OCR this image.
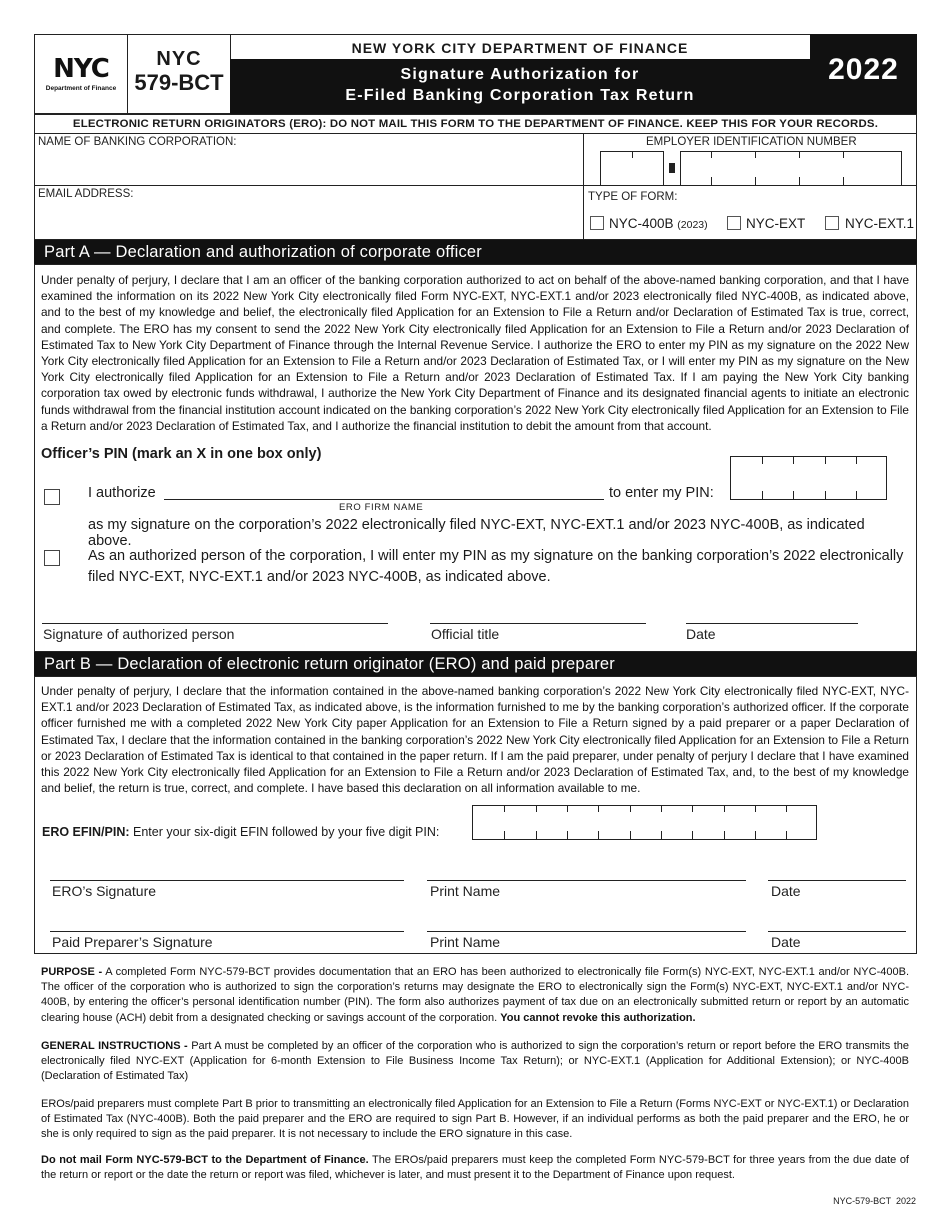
NYC
Department of Finance
NYC
579-BCT
NEW YORK CITY DEPARTMENT OF FINANCE
Signature Authorization for
E-Filed Banking Corporation Tax Return
2022
ELECTRONIC RETURN ORIGINATORS (ERO): DO NOT MAIL THIS FORM TO THE DEPARTMENT OF FINANCE. KEEP THIS FOR YOUR RECORDS.
NAME OF BANKING CORPORATION:	EMPLOYER IDENTIFICATION NUMBER
EMAIL ADDRESS:	TYPE OF FORM:
NYC-400B (2023)	NYC-EXT	NYC-EXT.1
Part A — Declaration and authorization of corporate officer
Under penalty of perjury, I declare that I am an officer of the banking corporation authorized to act on behalf of the above-named banking corporation, and that I have examined the information on its 2022 New York City electronically filed Form NYC-EXT, NYC-EXT.1 and/or 2023 electronically filed NYC-400B, as indicated above, and to the best of my knowledge and belief, the electronically filed Application for an Extension to File a Return and/or Declaration of Estimated Tax is true, correct, and complete. The ERO has my consent to send the 2022 New York City electronically filed Application for an Extension to File a Return and/or 2023 Declaration of Estimated Tax to New York City Department of Finance through the Internal Revenue Service. I authorize the ERO to enter my PIN as my signature on the 2022 New York City electronically filed Application for an Extension to File a Return and/or 2023 Declaration of Estimated Tax, or I will enter my PIN as my signature on the New York City electronically filed Application for an Extension to File a Return and/or 2023 Declaration of Estimated Tax. If I am paying the New York City banking corporation tax owed by electronic funds withdrawal, I authorize the New York City Department of Finance and its designated financial agents to initiate an electronic funds withdrawal from the financial institution account indicated on the banking corporation’s 2022 New York City electronically filed Application for an Extension to File a Return and/or 2023 Declaration of Estimated Tax, and I authorize the financial institution to debit the amount from that account.
Officer’s PIN (mark an X in one box only)
I authorize
ERO FIRM NAME
to enter my PIN:
as my signature on the corporation’s 2022 electronically filed NYC-EXT, NYC-EXT.1 and/or 2023 NYC-400B, as indicated above.
As an authorized person of the corporation, I will enter my PIN as my signature on the banking corporation’s 2022 electronically filed NYC-EXT, NYC-EXT.1 and/or 2023 NYC-400B, as indicated above.
Signature of authorized person	Official title	Date
Part B — Declaration of electronic return originator (ERO) and paid preparer
Under penalty of perjury, I declare that the information contained in the above-named banking corporation’s 2022 New York City electronically filed NYC-EXT, NYC-EXT.1 and/or 2023 Declaration of Estimated Tax, as indicated above, is the information furnished to me by the banking corporation’s authorized officer. If the corporate officer furnished me with a completed 2022 New York City paper Application for an Extension to File a Return signed by a paid preparer or a paper Declaration of Estimated Tax, I declare that the information contained in the banking corporation’s 2022 New York City electronically filed Application for an Extension to File a Return or 2023 Declaration of Estimated Tax is identical to that contained in the paper return. If I am the paid preparer, under penalty of perjury I declare that I have examined this 2022 New York City electronically filed Application for an Extension to File a Return and/or 2023 Declaration of Estimated Tax, and, to the best of my knowledge and belief, the return is true, correct, and complete. I have based this declaration on all information available to me.
ERO EFIN/PIN: Enter your six-digit EFIN followed by your five digit PIN:
ERO’s Signature	Print Name	Date
Paid Preparer’s Signature	Print Name	Date
PURPOSE - A completed Form NYC-579-BCT provides documentation that an ERO has been authorized to electronically file Form(s) NYC-EXT, NYC-EXT.1 and/or NYC-400B. The officer of the corporation who is authorized to sign the corporation’s returns may designate the ERO to electronically sign the Form(s) NYC-EXT, NYC-EXT.1 and/or NYC-400B, by entering the officer’s personal identification number (PIN). The form also authorizes payment of tax due on an electronically submitted return or report by an automatic clearing house (ACH) debit from a designated checking or savings account of the corporation. You cannot revoke this authorization.
GENERAL INSTRUCTIONS - Part A must be completed by an officer of the corporation who is authorized to sign the corporation’s return or report before the ERO transmits the electronically filed NYC-EXT (Application for 6-month Extension to File Business Income Tax Return); or NYC-EXT.1 (Application for Additional Extension); or NYC-400B (Declaration of Estimated Tax)
EROs/paid preparers must complete Part B prior to transmitting an electronically filed Application for an Extension to File a Return (Forms NYC-EXT or NYC-EXT.1) or Declaration of Estimated Tax (NYC-400B). Both the paid preparer and the ERO are required to sign Part B. However, if an individual performs as both the paid preparer and the ERO, he or she is only required to sign as the paid preparer. It is not necessary to include the ERO signature in this case.
Do not mail Form NYC-579-BCT to the Department of Finance. The EROs/paid preparers must keep the completed Form NYC-579-BCT for three years from the due date of the return or report or the date the return or report was filed, whichever is later, and must present it to the Department of Finance upon request.
NYC-579-BCT  2022
